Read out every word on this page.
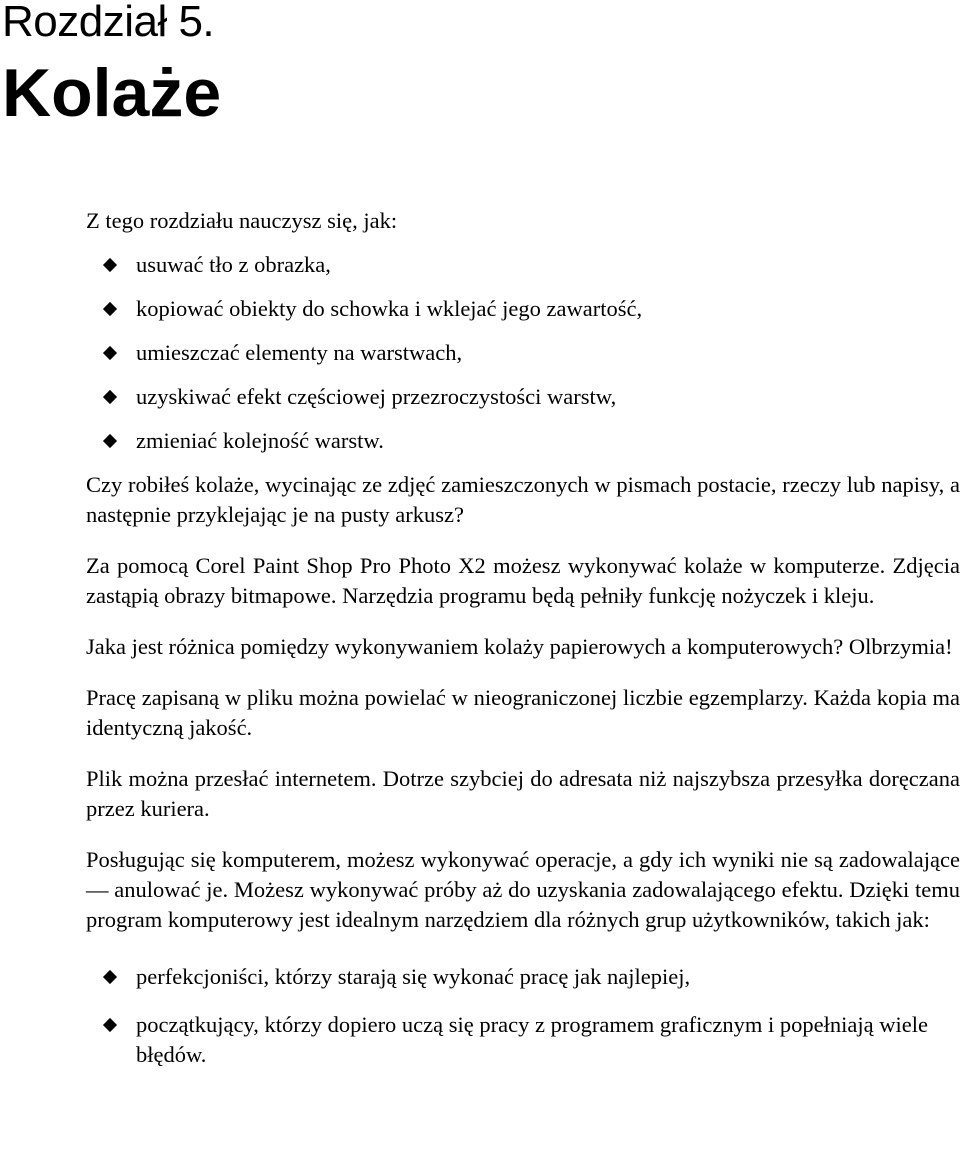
Rozdział 5.
Kolaże

Z tego rozdziału nauczysz się, jak:

usuwać tło z obrazka,
kopiować obiekty do schowka i wklejać jego zawartość,
umieszczać elementy na warstwach,
uzyskiwać efekt częściowej przezroczystości warstw,
zmieniać kolejność warstw.

Czy robiłeś kolaże, wycinając ze zdjęć zamieszczonych w pismach postacie, rzeczy lub napisy, a następnie przyklejając je na pusty arkusz?

Za pomocą Corel Paint Shop Pro Photo X2 możesz wykonywać kolaże w komputerze. Zdjęcia zastąpią obrazy bitmapowe. Narzędzia programu będą pełniły funkcję nożyczek i kleju.

Jaka jest różnica pomiędzy wykonywaniem kolaży papierowych a komputerowych? Olbrzymia!

Pracę zapisaną w pliku można powielać w nieograniczonej liczbie egzemplarzy. Każda kopia ma identyczną jakość.

Plik można przesłać internetem. Dotrze szybciej do adresata niż najszybsza przesyłka doręczana przez kuriera.

Posługując się komputerem, możesz wykonywać operacje, a gdy ich wyniki nie są zadowalające — anulować je. Możesz wykonywać próby aż do uzyskania zadowalającego efektu. Dzięki temu program komputerowy jest idealnym narzędziem dla różnych grup użytkowników, takich jak:

perfekcjoniści, którzy starają się wykonać pracę jak najlepiej,
początkujący, którzy dopiero uczą się pracy z programem graficznym i popełniają wiele błędów.
